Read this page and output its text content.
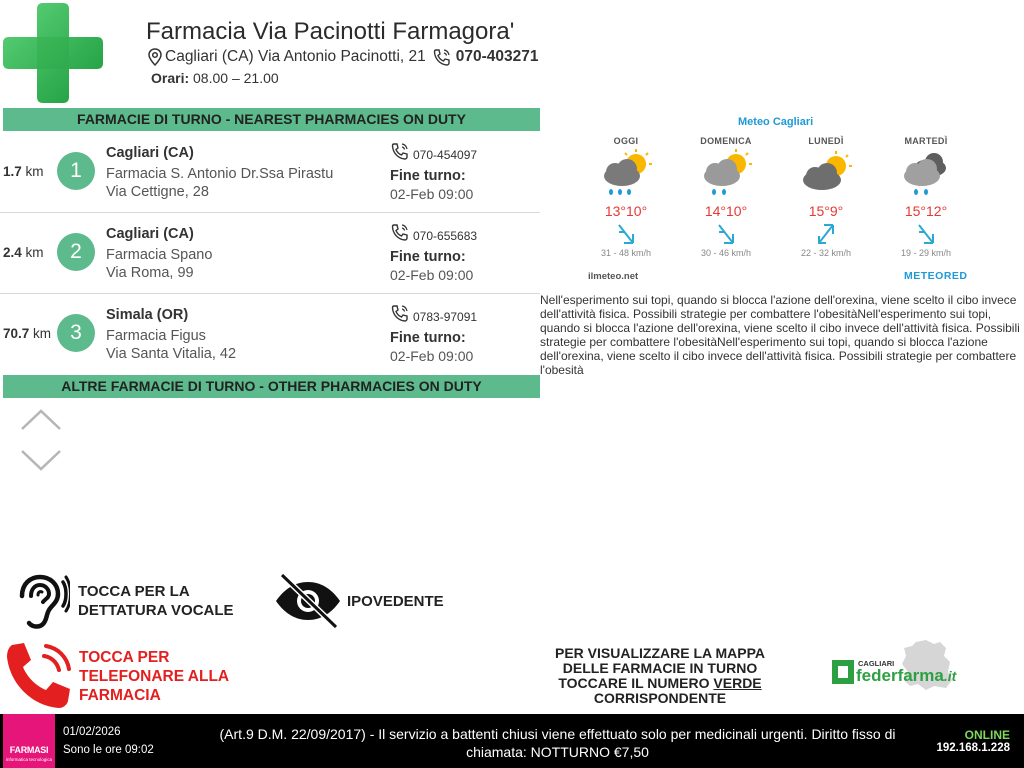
Farmacia Via Pacinotti Farmagora'
Cagliari (CA) Via Antonio Pacinotti, 21 070-403271
Orari: 08.00 – 21.00
FARMACIE DI TURNO - NEAREST PHARMACIES ON DUTY
1.7 km	1
Cagliari (CA)
Farmacia S. Antonio Dr.Ssa Pirastu
Via Cettigne, 28
070-454097
Fine turno:
02-Feb 09:00
2.4 km	2
Cagliari (CA)
Farmacia Spano
Via Roma, 99
070-655683
Fine turno:
02-Feb 09:00
70.7 km 3
Simala (OR)
Farmacia Figus
Via Santa Vitalia, 42
0783-97091
Fine turno:
02-Feb 09:00
ALTRE FARMACIE DI TURNO - OTHER PHARMACIES ON DUTY
Meteo Cagliari
OGGI
13°10°
31 - 48 km/h
DOMENICA
14°10°
30 - 46 km/h
LUNEDÌ
15°9°
22 - 32 km/h
MARTEDÌ
15°12°
19 - 29 km/h
ilmeteo.net	METEORED
Nell'esperimento sui topi, quando si blocca l'azione dell'orexina, viene scelto il cibo invece dell'attività fisica. Possibili strategie per combattere l'obesitàNell'esperimento sui topi, quando si blocca l'azione dell'orexina, viene scelto il cibo invece dell'attività fisica. Possibili strategie per combattere l'obesitàNell'esperimento sui topi, quando si blocca l'azione dell'orexina, viene scelto il cibo invece dell'attività fisica. Possibili strategie per combattere l'obesità
TOCCA PER LA
DETTATURA VOCALE
IPOVEDENTE
TOCCA PER
TELEFONARE ALLA
FARMACIA
PER VISUALIZZARE LA MAPPA
DELLE FARMACIE IN TURNO
TOCCARE IL NUMERO VERDE
CORRISPONDENTE
CAGLIARI
federfarma.it
FARMASI
informatica tecnologica
01/02/2026
Sono le ore 09:02
(Art.9 D.M. 22/09/2017) - Il servizio a battenti chiusi viene effettuato solo per medicinali urgenti. Diritto fisso di chiamata: NOTTURNO €7,50
ONLINE
192.168.1.228
